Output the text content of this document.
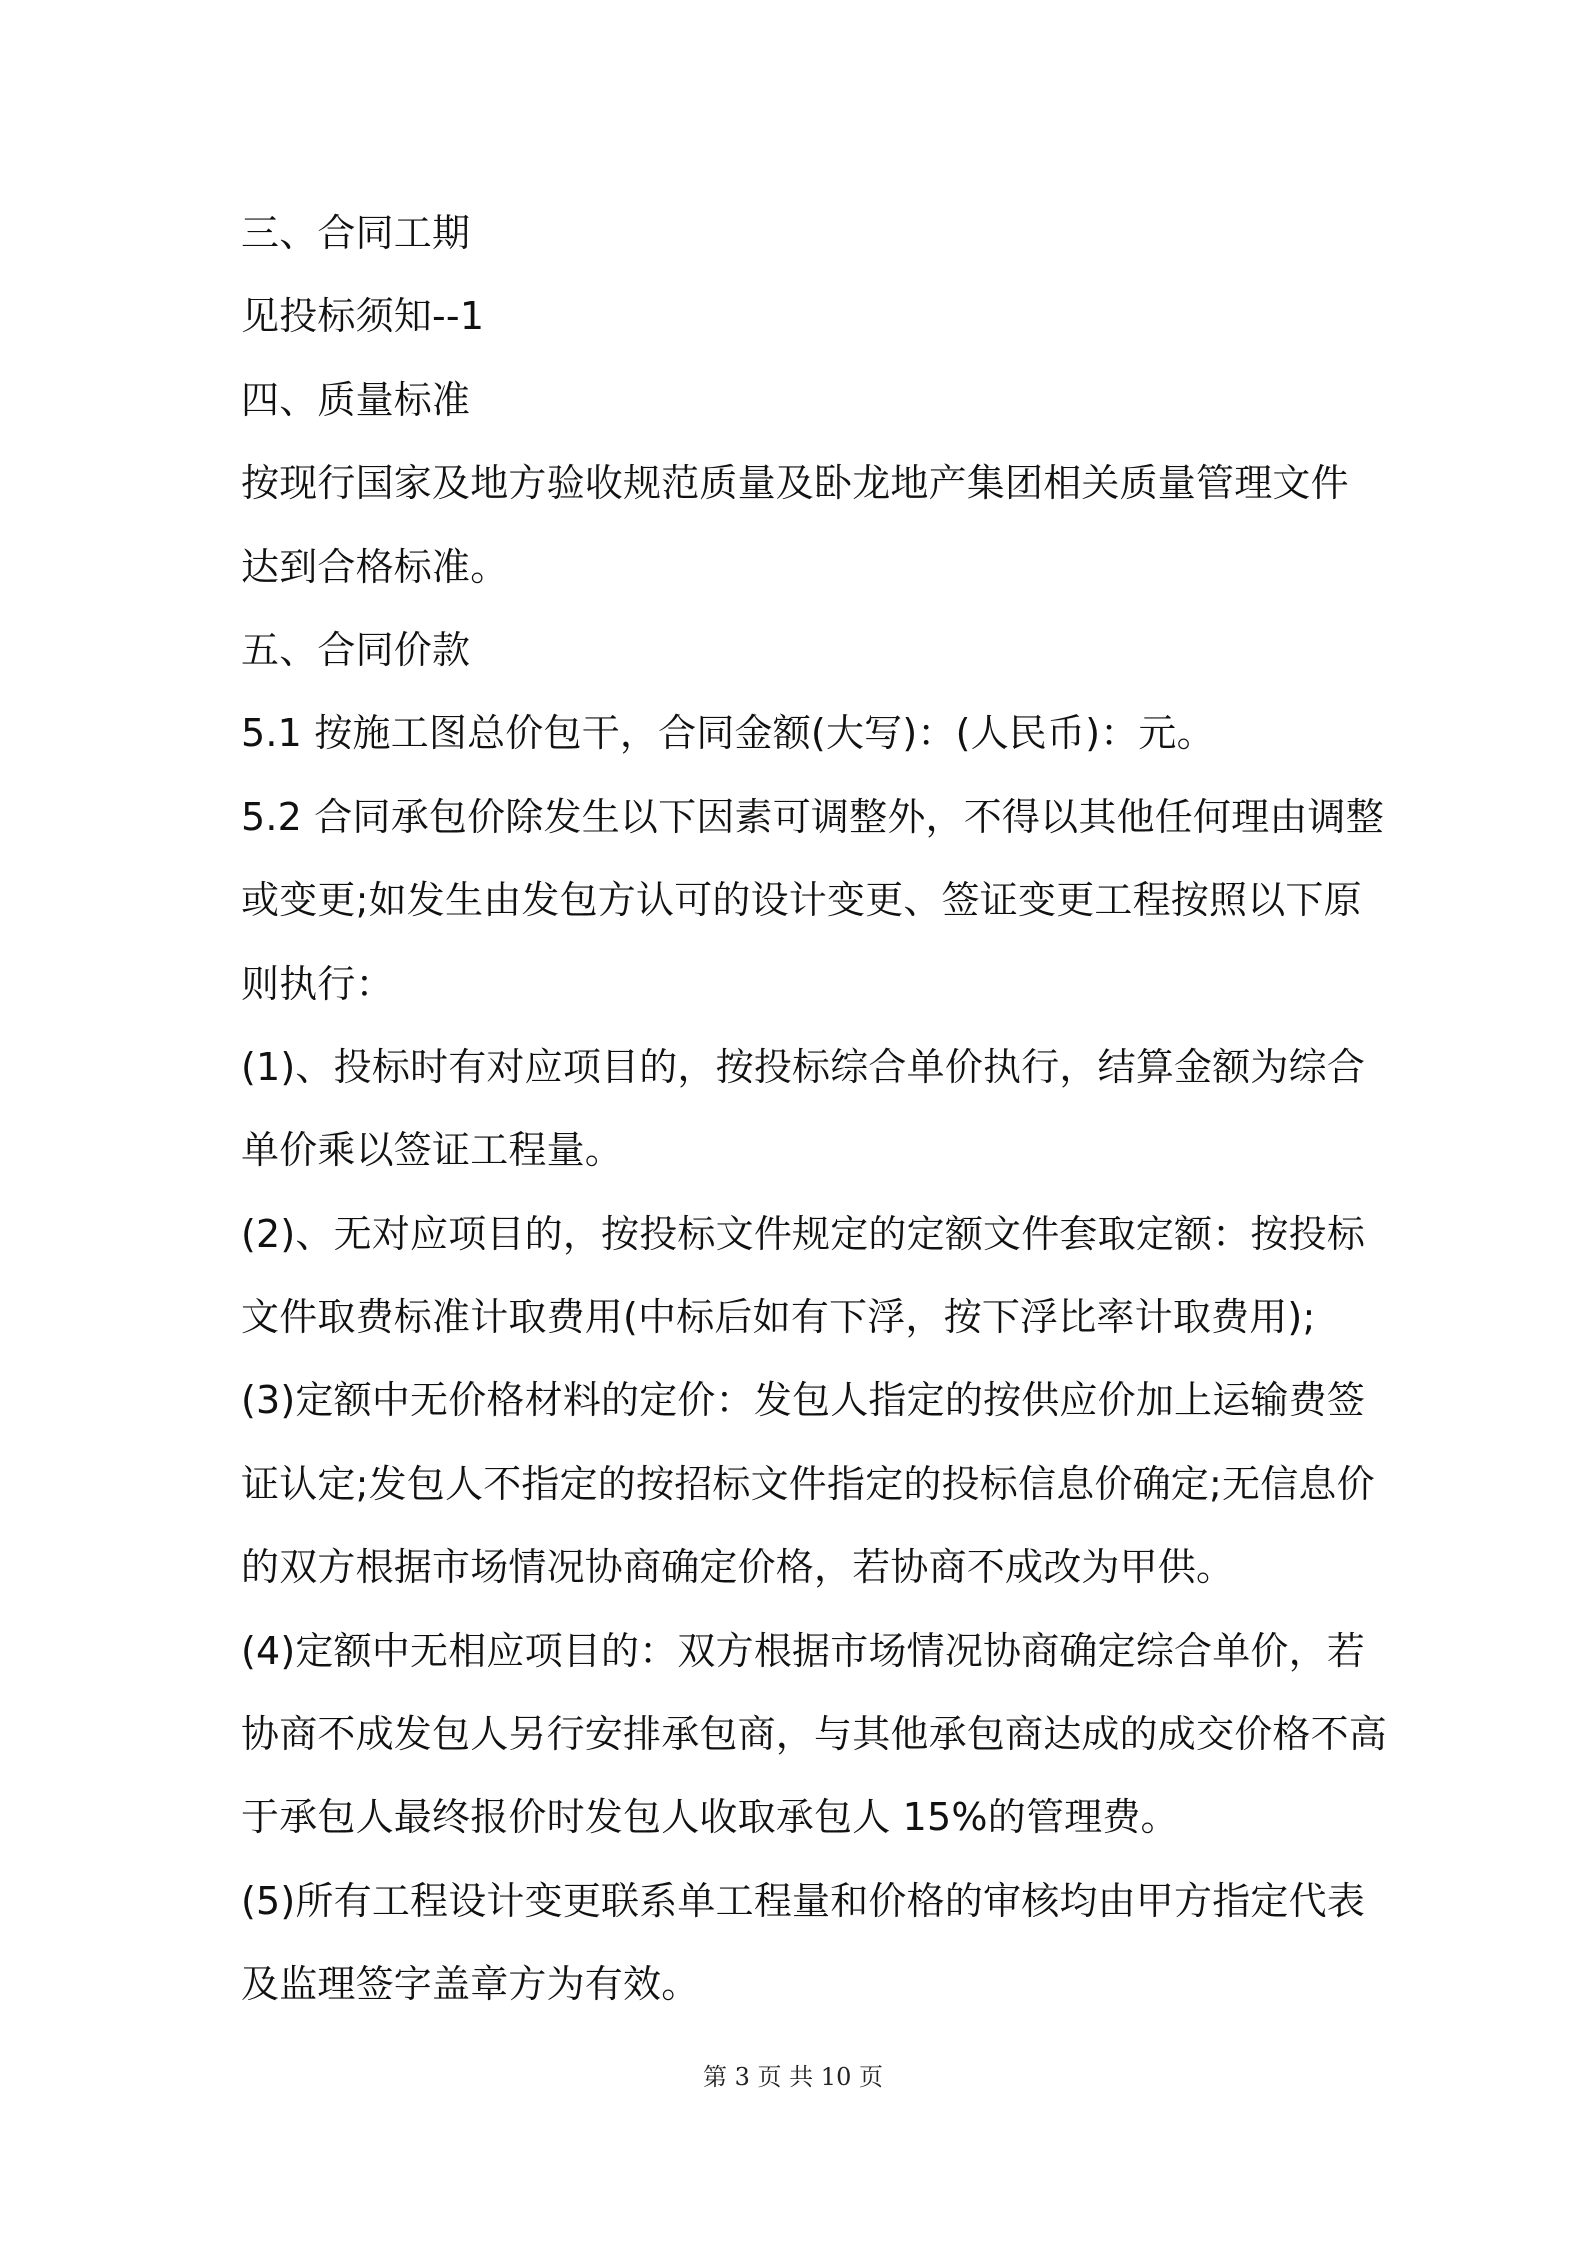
三、合同工期
见投标须知--1
四、质量标准
按现行国家及地方验收规范质量及卧龙地产集团相关质量管理文件
达到合格标准。
五、合同价款
5.1 按施工图总价包干，合同金额(大写)：(人民币)：元。
5.2 合同承包价除发生以下因素可调整外，不得以其他任何理由调整
或变更;如发生由发包方认可的设计变更、签证变更工程按照以下原
则执行：
(1)、投标时有对应项目的，按投标综合单价执行，结算金额为综合
单价乘以签证工程量。
(2)、无对应项目的，按投标文件规定的定额文件套取定额：按投标
文件取费标准计取费用(中标后如有下浮，按下浮比率计取费用);
(3)定额中无价格材料的定价：发包人指定的按供应价加上运输费签
证认定;发包人不指定的按招标文件指定的投标信息价确定;无信息价
的双方根据市场情况协商确定价格，若协商不成改为甲供。
(4)定额中无相应项目的：双方根据市场情况协商确定综合单价，若
协商不成发包人另行安排承包商，与其他承包商达成的成交价格不高
于承包人最终报价时发包人收取承包人 15%的管理费。
(5)所有工程设计变更联系单工程量和价格的审核均由甲方指定代表
及监理签字盖章方为有效。
第 3 页 共 10 页
